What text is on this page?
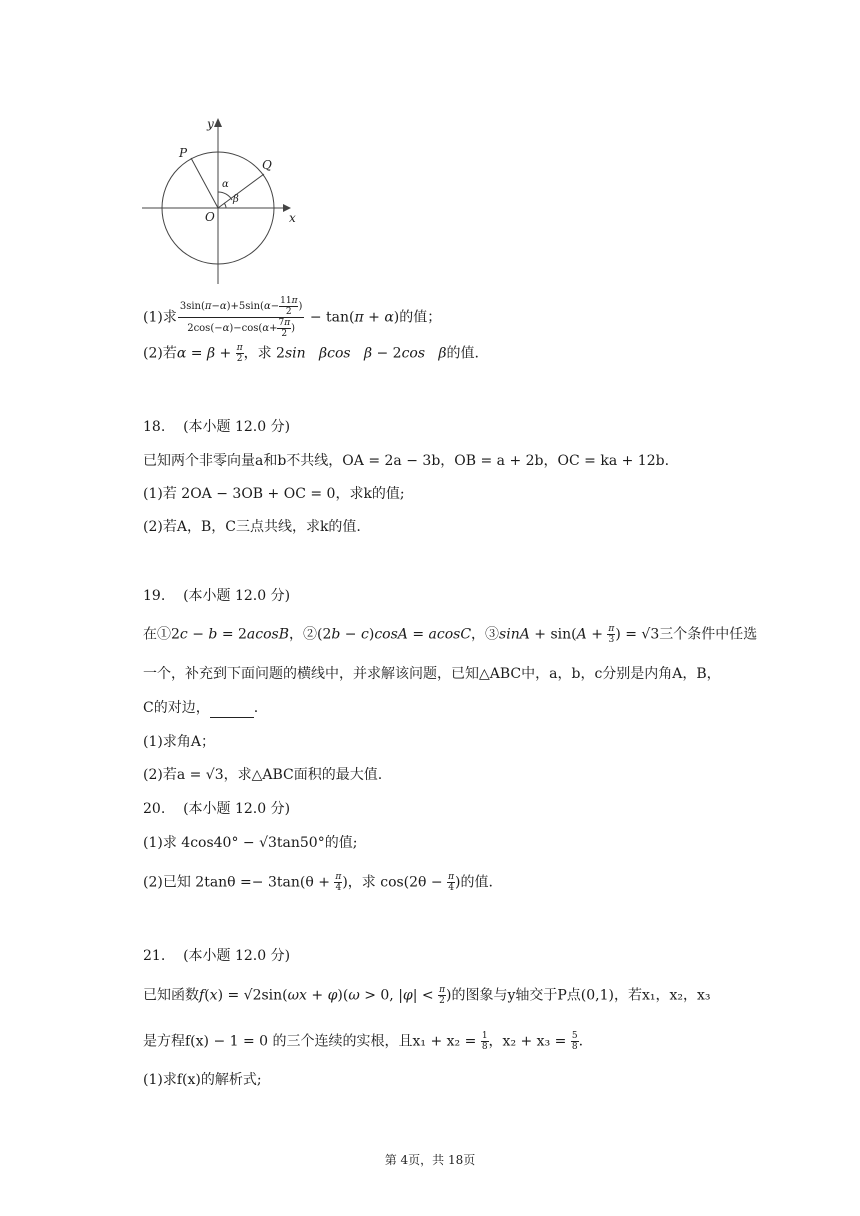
y
x
O
P
Q
α
β
(1)求 $\frac{3\sin(\pi-\alpha)+5\sin(\alpha- \frac{11\pi}{2} )}{2\cos(-\alpha)-\cos(\alpha+ \frac{7\pi}{2} )} - \tan(\pi + \alpha)$的值；
(2)若$\alpha = \beta + \frac{\pi}{2}$ ，求 2sin βcos β − 2cos β的值.
18.    (本小题 12.0 分)
已知两个非零向量a和b不共线，OA = 2a − 3b，OB = a + 2b，OC = ka + 12b.
(1)若 2OA − 3OB + OC = 0，求k的值;
(2)若A，B，C三点共线，求k的值.
19.    (本小题 12.0 分)
在①2c − b = 2acosB，②(2b − c)cosA = acosC，③sinA + $\sin(A + \frac{\pi}{3}$ ) = √3三个条件中任选
一个，补充到下面问题的横线中，并求解该问题，已知△ABC中，a，b，c分别是内角A，B，
C的对边，	.
(1)求角A；
(2)若a = √3，求△ABC面积的最大值.
20.    (本小题 12.0 分)
(1)求 4cos40° − √3tan50°的值;
(2)已知 $2\tan\theta =- 3\tan(\theta + \frac{\pi}{4}$ )，求 $\cos(2\theta - \frac{\pi}{4}$ )的值.
21.    (本小题 12.0 分)
已知函数f(x) = √2sin(ωx + φ)(ω > 0, $|\varphi| < \frac{\pi}{2}$ )的图象与y轴交于P点(0,1)，若x₁，x₂，x₃
是方程f(x) − 1 = 0 的三个连续的实根，且$x_1 + x_2 = \frac{1}{8}$ ，$x_2 + x_3 = \frac{5}{8}$ .
(1)求f(x)的解析式;
第 4页，共 18页
